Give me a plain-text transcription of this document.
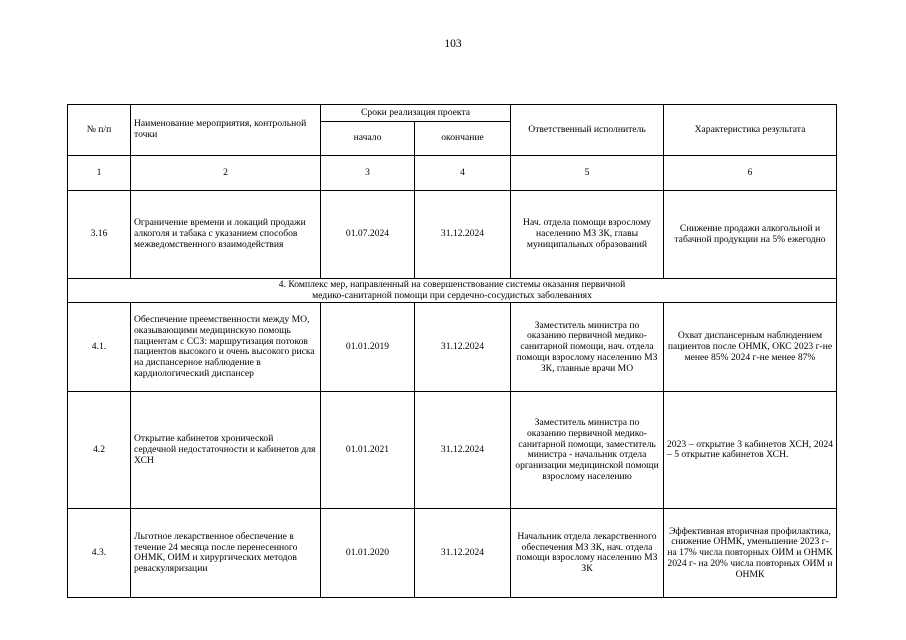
103
№ п/п	Наименование мероприятия, контрольной точки	Сроки реализация проекта		Ответственный исполнитель	Характеристика результата
		начало	окончание		
1	2	3	4	5	6
3.16	Ограничение времени и локаций продажи алкоголя и табака с указанием способов межведомственного взаимодействия	01.07.2024	31.12.2024	Нач. отдела помощи взрослому населению МЗ ЗК, главы муниципальных образований	Снижение продажи алкогольной и табачной продукции на 5% ежегодно

4. Комплекс мер, направленный на совершенствование системы оказания первичной
медико-санитарной помощи при сердечно-сосудистых заболеваниях					

4.1.	Обеспечение преемственности между МО, оказывающими медицинскую помощь пациентам с ССЗ: маршрутизация потоков пациентов высокого и очень высокого риска на диспансерное наблюдение в кардиологический диспансер	01.01.2019	31.12.2024	Заместитель министра по оказанию первичной медико-санитарной помощи, нач. отдела помощи взрослому населению МЗ ЗК, главные врачи МО	Охват диспансерным наблюдением пациентов после ОНМК, ОКС 2023 г-не менее 85% 2024 г-не менее 87%
4.2	Открытие кабинетов хронической сердечной недостаточности и кабинетов для ХСН	01.01.2021	31.12.2024	Заместитель министра по оказанию первичной медико-санитарной помощи, заместитель министра - начальник отдела организации медицинской помощи взрослому населению	2023 – открытие 3 кабинетов ХСН, 2024 – 5 открытие кабинетов ХСН.
4.3.	Льготное лекарственное обеспечение в течение 24 месяца после перенесенного ОНМК, ОИМ и хирургических методов реваскуляризации	01.01.2020	31.12.2024	Начальник отдела лекарственного обеспечения МЗ ЗК, нач. отдела помощи взрослому населению МЗ ЗК	Эффективная вторичная профилактика, снижение ОНМК, уменьшение 2023 г- на 17% числа повторных ОИМ и ОНМК 2024 г- на 20% числа повторных ОИМ и ОНМК
